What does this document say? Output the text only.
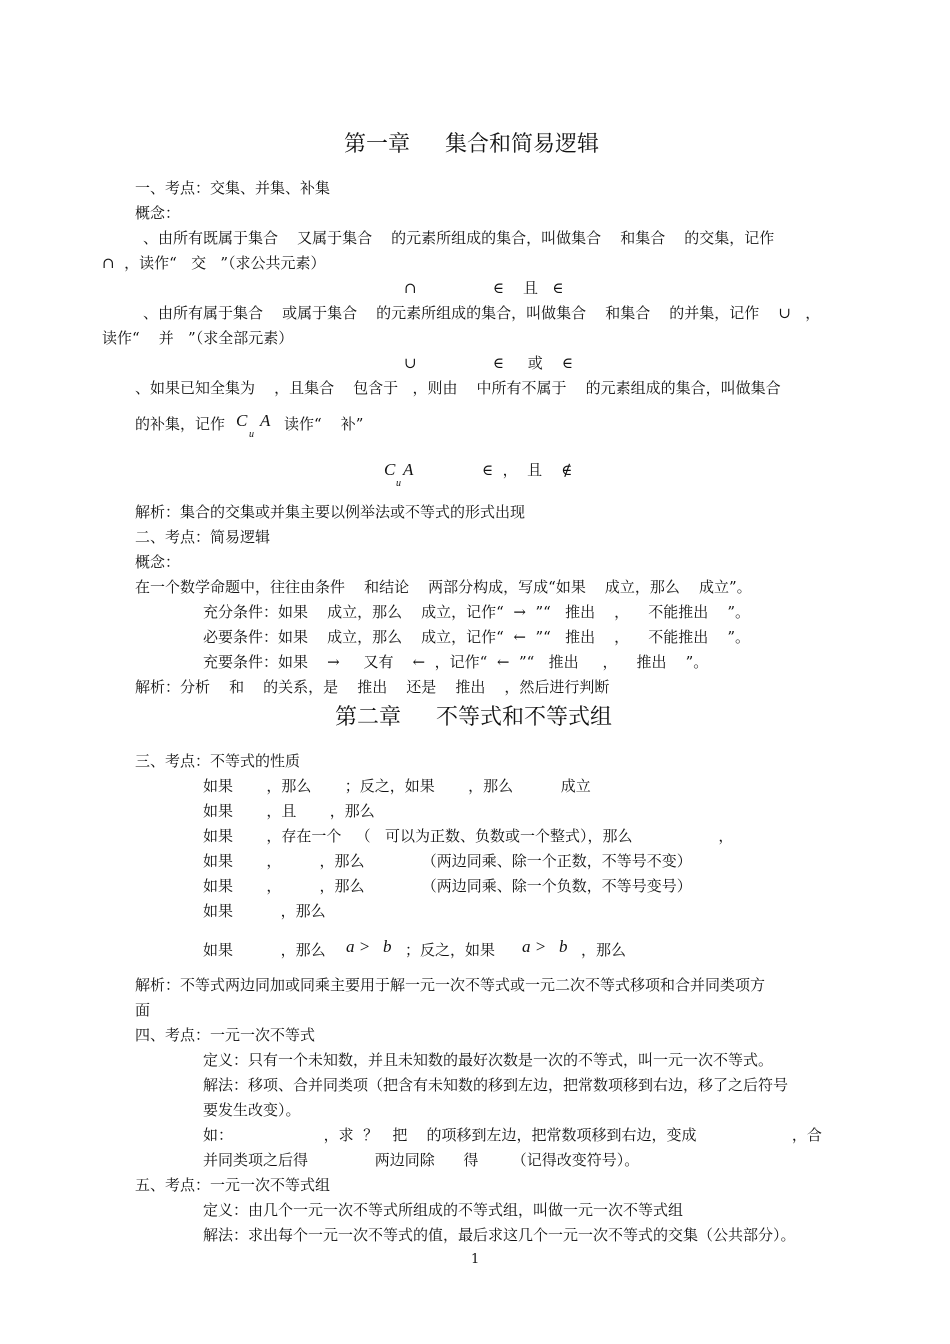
第一章     集合和简易逻辑
一、考点：交集、并集、补集
概念：
、由所有既属于集合    又属于集合    的元素所组成的集合，叫做集合    和集合    的交集，记作
∩  ，读作“   交   ”（求公共元素）
∩                ∈    且   ∈
、由所有属于集合    或属于集合    的元素所组成的集合，叫做集合    和集合    的并集，记作    ∪   ，
读作“    并   ”（求全部元素）
∪                ∈     或    ∈
、如果已知全集为    ，且集合    包含于   ，则由    中所有不属于    的元素组成的集合，叫做集合
的补集，记作 C A
u
读作“    补”
C A
u
∈  ，  且    ∉
解析：集合的交集或并集主要以例举法或不等式的形式出现
二、考点：简易逻辑
概念：
在一个数学命题中，往往由条件    和结论    两部分构成，写成“如果    成立，那么    成立”。
充分条件：如果    成立，那么    成立，记作“  →  ”“   推出    ，    不能推出    ”。
必要条件：如果    成立，那么    成立，记作“  ←  ”“   推出    ，    不能推出    ”。
充要条件：如果    →     又有    ←  ，记作“  ←  ”“   推出     ，    推出    ”。
解析：分析    和    的关系，是    推出    还是    推出    ，然后进行判断
第二章     不等式和不等式组
三、考点：不等式的性质
如果       ，那么       ；反之，如果       ，那么          成立
如果       ，且       ，那么
如果       ，存在一个   （   可以为正数、负数或一个整式），那么                  ，
如果       ，        ，那么            （两边同乘、除一个正数，不等号不变）
如果       ，        ，那么            （两边同乘、除一个负数，不等号变号）
如果          ，那么
如果          ，那么 a >   b ；反之，如果 a >   b ，那么
解析：不等式两边同加或同乘主要用于解一元一次不等式或一元二次不等式移项和合并同类项方
面
四、考点：一元一次不等式
定义：只有一个未知数，并且未知数的最好次数是一次的不等式，叫一元一次不等式。
解法：移项、合并同类项（把含有未知数的移到左边，把常数项移到右边，移了之后符号
要发生改变）。
如：                   ，求  ？   把    的项移到左边，把常数项移到右边，变成                    ，合
并同类项之后得              两边同除      得       （记得改变符号）。
五、考点：一元一次不等式组
定义：由几个一元一次不等式所组成的不等式组，叫做一元一次不等式组
解法：求出每个一元一次不等式的值，最后求这几个一元一次不等式的交集（公共部分）。
1
